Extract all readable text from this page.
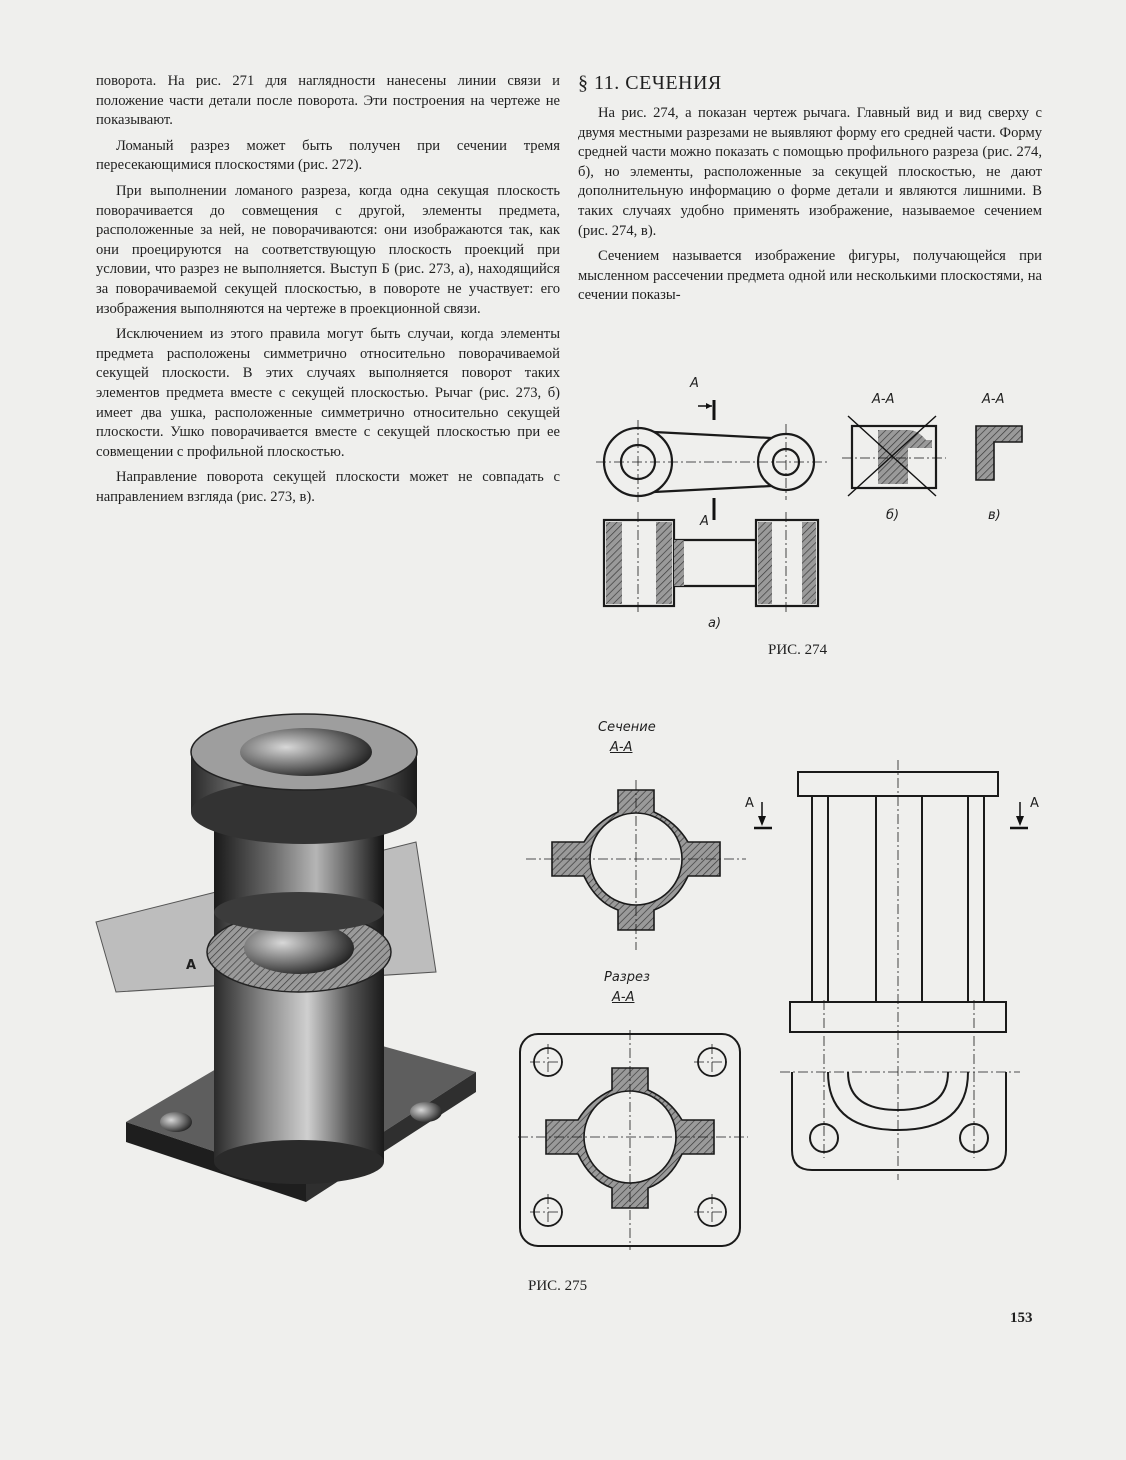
поворота. На рис. 271 для наглядности нанесены линии связи и положение части детали после поворота. Эти построения на чертеже не показывают.

Ломаный разрез может быть получен при сечении тремя пересекающимися плоскостями (рис. 272).

При выполнении ломаного разреза, когда одна секущая плоскость поворачивается до совмещения с другой, элементы предмета, расположенные за ней, не поворачиваются: они изображаются так, как они проецируются на соответствующую плоскость проекций при условии, что разрез не выполняется. Выступ Б (рис. 273, а), находящийся за поворачиваемой секущей плоскостью, в повороте не участвует: его изображения выполняются на чертеже в проекционной связи.

Исключением из этого правила могут быть случаи, когда элементы предмета расположены симметрично относительно поворачиваемой секущей плоскости. В этих случаях выполняется поворот таких элементов предмета вместе с секущей плоскостью. Рычаг (рис. 273, б) имеет два ушка, расположенные симметрично относительно секущей плоскости. Ушко поворачивается вместе с секущей плоскостью при ее совмещении с профильной плоскостью.

Направление поворота секущей плоскости может не совпадать с направлением взгляда (рис. 273, в).

§ 11. СЕЧЕНИЯ

На рис. 274, а показан чертеж рычага. Главный вид и вид сверху с двумя местными разрезами не выявляют форму его средней части. Форму средней части можно показать с помощью профильного разреза (рис. 274, б), но элементы, расположенные за секущей плоскостью, не дают дополнительную информацию о форме детали и являются лишними. В таких случаях удобно применять изображение, называемое сечением (рис. 274, в).

Сечением называется изображение фигуры, получающейся при мысленном рассечении предмета одной или несколькими плоскостями, на сечении показы-

А
А
А-А	А-А
а)
б)	в)
РИС. 274
А
Сечение
А-А
Разрез
А-А
А	А
РИС. 275
153
